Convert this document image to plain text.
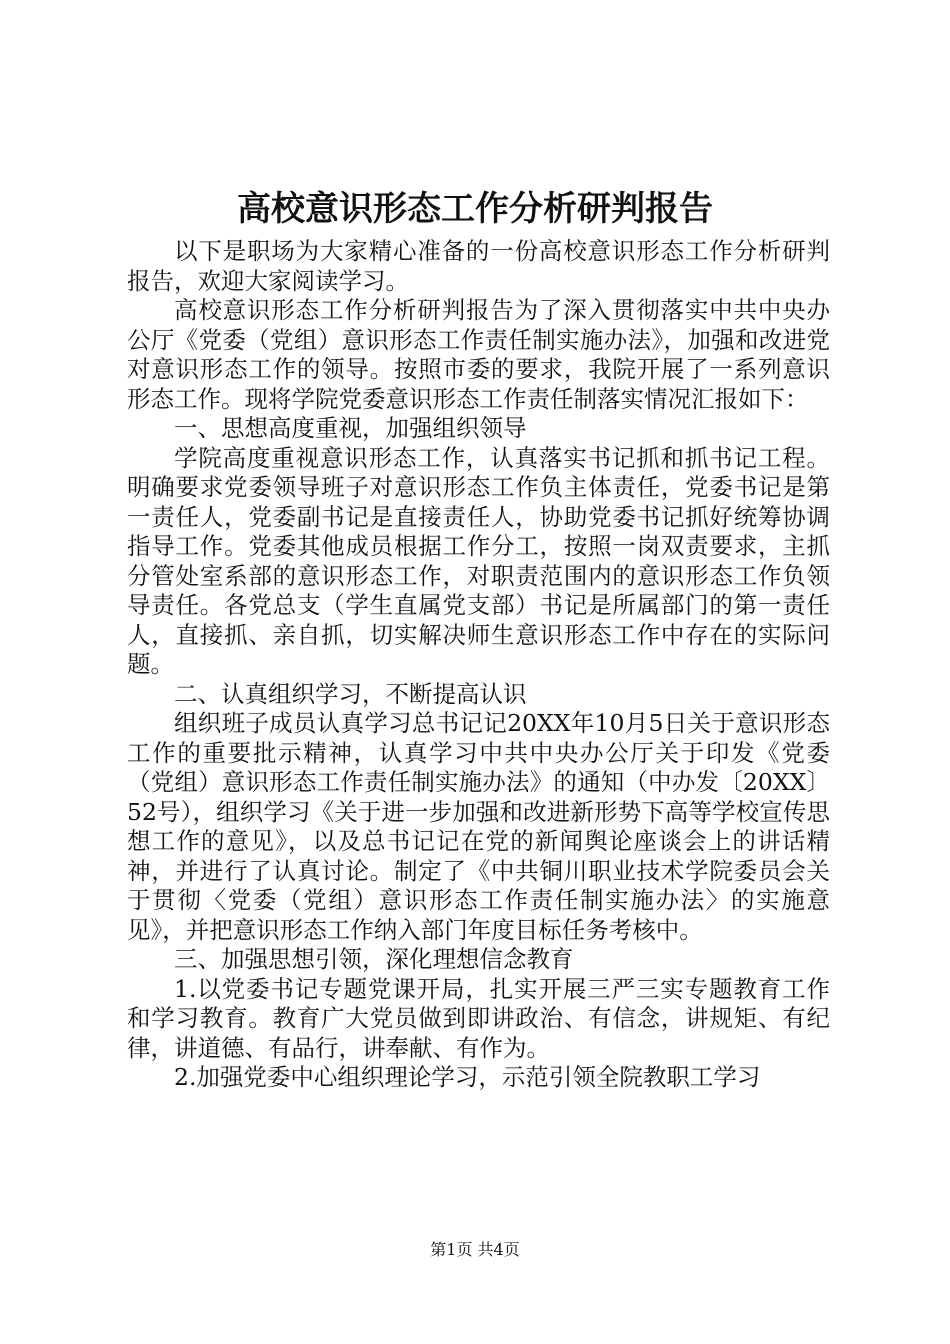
高校意识形态工作分析研判报告

以下是职场为大家精心准备的一份高校意识形态工作分析研判报告，欢迎大家阅读学习。

高校意识形态工作分析研判报告为了深入贯彻落实中共中央办公厅《党委（党组）意识形态工作责任制实施办法》，加强和改进党对意识形态工作的领导。按照市委的要求，我院开展了一系列意识形态工作。现将学院党委意识形态工作责任制落实情况汇报如下：

一、思想高度重视，加强组织领导

学院高度重视意识形态工作，认真落实书记抓和抓书记工程。明确要求党委领导班子对意识形态工作负主体责任，党委书记是第一责任人，党委副书记是直接责任人，协助党委书记抓好统筹协调指导工作。党委其他成员根据工作分工，按照一岗双责要求，主抓分管处室系部的意识形态工作，对职责范围内的意识形态工作负领导责任。各党总支（学生直属党支部）书记是所属部门的第一责任人，直接抓、亲自抓，切实解决师生意识形态工作中存在的实际问题。

二、认真组织学习，不断提高认识

组织班子成员认真学习总书记记20XX年10月5日关于意识形态工作的重要批示精神，认真学习中共中央办公厅关于印发《党委（党组）意识形态工作责任制实施办法》的通知（中办发〔20XX〕52号），组织学习《关于进一步加强和改进新形势下高等学校宣传思想工作的意见》，以及总书记记在党的新闻舆论座谈会上的讲话精神，并进行了认真讨论。制定了《中共铜川职业技术学院委员会关于贯彻〈党委（党组）意识形态工作责任制实施办法〉的实施意见》，并把意识形态工作纳入部门年度目标任务考核中。

三、加强思想引领，深化理想信念教育

1.以党委书记专题党课开局，扎实开展三严三实专题教育工作和学习教育。教育广大党员做到即讲政治、有信念，讲规矩、有纪律，讲道德、有品行，讲奉献、有作为。

2.加强党委中心组织理论学习，示范引领全院教职工学习

第1页 共4页
